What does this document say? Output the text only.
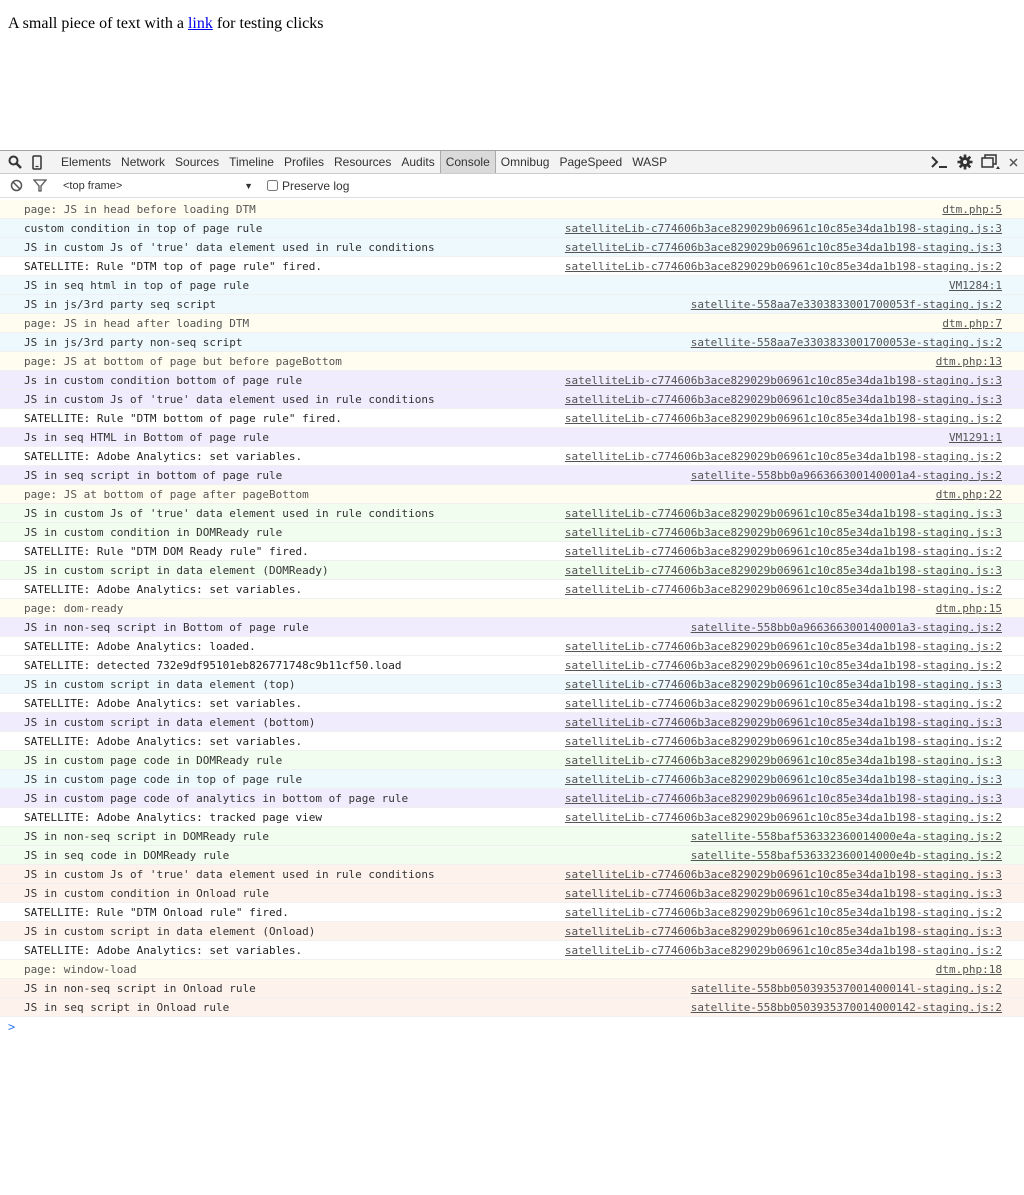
A small piece of text with a link for testing clicks
Elements Network Sources Timeline Profiles Resources Audits Console Omnibug PageSpeed WASP
<top frame>	▼ Preserve log
page: JS in head before loading DTM	dtm.php:5
custom condition in top of page rule	satelliteLib-c774606b3ace829029b06961c10c85e34da1b198-staging.js:3
JS in custom Js of 'true' data element used in rule conditions	satelliteLib-c774606b3ace829029b06961c10c85e34da1b198-staging.js:3
SATELLITE: Rule "DTM top of page rule" fired.	satelliteLib-c774606b3ace829029b06961c10c85e34da1b198-staging.js:2
JS in seq html in top of page rule	VM1284:1
JS in js/3rd party seq script	satellite-558aa7e3303833001700053f-staging.js:2
page: JS in head after loading DTM	dtm.php:7
JS in js/3rd party non-seq script	satellite-558aa7e3303833001700053e-staging.js:2
page: JS at bottom of page but before pageBottom	dtm.php:13
Js in custom condition bottom of page rule	satelliteLib-c774606b3ace829029b06961c10c85e34da1b198-staging.js:3
JS in custom Js of 'true' data element used in rule conditions	satelliteLib-c774606b3ace829029b06961c10c85e34da1b198-staging.js:3
SATELLITE: Rule "DTM bottom of page rule" fired.	satelliteLib-c774606b3ace829029b06961c10c85e34da1b198-staging.js:2
Js in seq HTML in Bottom of page rule	VM1291:1
SATELLITE: Adobe Analytics: set variables.	satelliteLib-c774606b3ace829029b06961c10c85e34da1b198-staging.js:2
JS in seq script in bottom of page rule	satellite-558bb0a966366300140001a4-staging.js:2
page: JS at bottom of page after pageBottom	dtm.php:22
JS in custom Js of 'true' data element used in rule conditions	satelliteLib-c774606b3ace829029b06961c10c85e34da1b198-staging.js:3
JS in custom condition in DOMReady rule	satelliteLib-c774606b3ace829029b06961c10c85e34da1b198-staging.js:3
SATELLITE: Rule "DTM DOM Ready rule" fired.	satelliteLib-c774606b3ace829029b06961c10c85e34da1b198-staging.js:2
JS in custom script in data element (DOMReady)	satelliteLib-c774606b3ace829029b06961c10c85e34da1b198-staging.js:3
SATELLITE: Adobe Analytics: set variables.	satelliteLib-c774606b3ace829029b06961c10c85e34da1b198-staging.js:2
page: dom-ready	dtm.php:15
JS in non-seq script in Bottom of page rule	satellite-558bb0a966366300140001a3-staging.js:2
SATELLITE: Adobe Analytics: loaded.	satelliteLib-c774606b3ace829029b06961c10c85e34da1b198-staging.js:2
SATELLITE: detected 732e9df95101eb826771748c9b11cf50.load	satelliteLib-c774606b3ace829029b06961c10c85e34da1b198-staging.js:2
JS in custom script in data element (top)	satelliteLib-c774606b3ace829029b06961c10c85e34da1b198-staging.js:3
SATELLITE: Adobe Analytics: set variables.	satelliteLib-c774606b3ace829029b06961c10c85e34da1b198-staging.js:2
JS in custom script in data element (bottom)	satelliteLib-c774606b3ace829029b06961c10c85e34da1b198-staging.js:3
SATELLITE: Adobe Analytics: set variables.	satelliteLib-c774606b3ace829029b06961c10c85e34da1b198-staging.js:2
JS in custom page code in DOMReady rule	satelliteLib-c774606b3ace829029b06961c10c85e34da1b198-staging.js:3
JS in custom page code in top of page rule	satelliteLib-c774606b3ace829029b06961c10c85e34da1b198-staging.js:3
JS in custom page code of analytics in bottom of page rule	satelliteLib-c774606b3ace829029b06961c10c85e34da1b198-staging.js:3
SATELLITE: Adobe Analytics: tracked page view	satelliteLib-c774606b3ace829029b06961c10c85e34da1b198-staging.js:2
JS in non-seq script in DOMReady rule	satellite-558baf536332360014000e4a-staging.js:2
JS in seq code in DOMReady rule	satellite-558baf536332360014000e4b-staging.js:2
JS in custom Js of 'true' data element used in rule conditions	satelliteLib-c774606b3ace829029b06961c10c85e34da1b198-staging.js:3
JS in custom condition in Onload rule	satelliteLib-c774606b3ace829029b06961c10c85e34da1b198-staging.js:3
SATELLITE: Rule "DTM Onload rule" fired.	satelliteLib-c774606b3ace829029b06961c10c85e34da1b198-staging.js:2
JS in custom script in data element (Onload)	satelliteLib-c774606b3ace829029b06961c10c85e34da1b198-staging.js:3
SATELLITE: Adobe Analytics: set variables.	satelliteLib-c774606b3ace829029b06961c10c85e34da1b198-staging.js:2
page: window-load	dtm.php:18
JS in non-seq script in Onload rule	satellite-558bb050393537001400014l-staging.js:2
JS in seq script in Onload rule	satellite-558bb0503935370014000142-staging.js:2
>
